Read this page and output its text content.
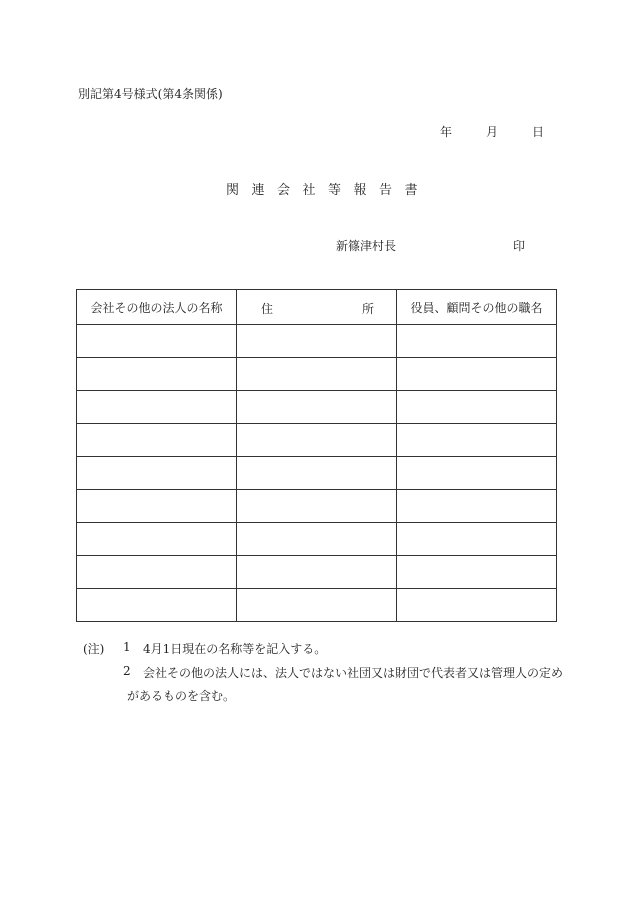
別記第4号様式(第4条関係)
年	月	日
関連会社等報告書
新篠津村長	印
会社その他の法人の名称	住 所	役員、顧問その他の職名

(注) 1 4月1日現在の名称等を記入する。
2 会社その他の法人には、法人ではない社団又は財団で代表者又は管理人の定め
があるものを含む。
